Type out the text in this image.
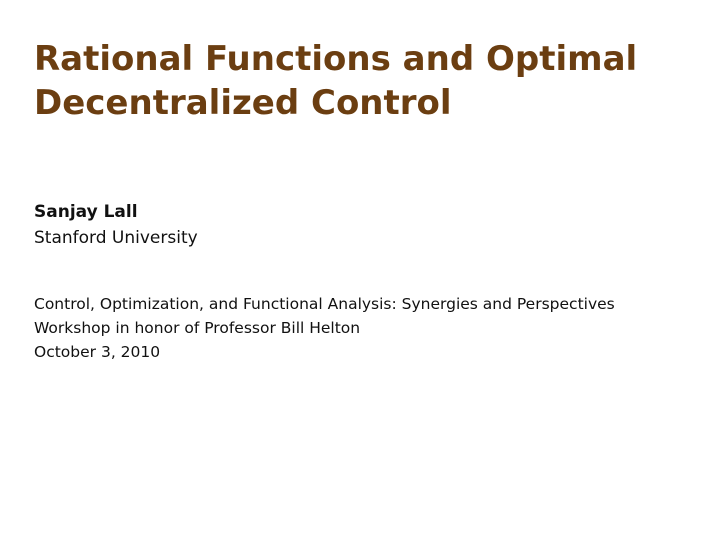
Rational Functions and Optimal
Decentralized Control
Sanjay Lall
Stanford University
Control, Optimization, and Functional Analysis: Synergies and Perspectives
Workshop in honor of Professor Bill Helton
October 3, 2010
